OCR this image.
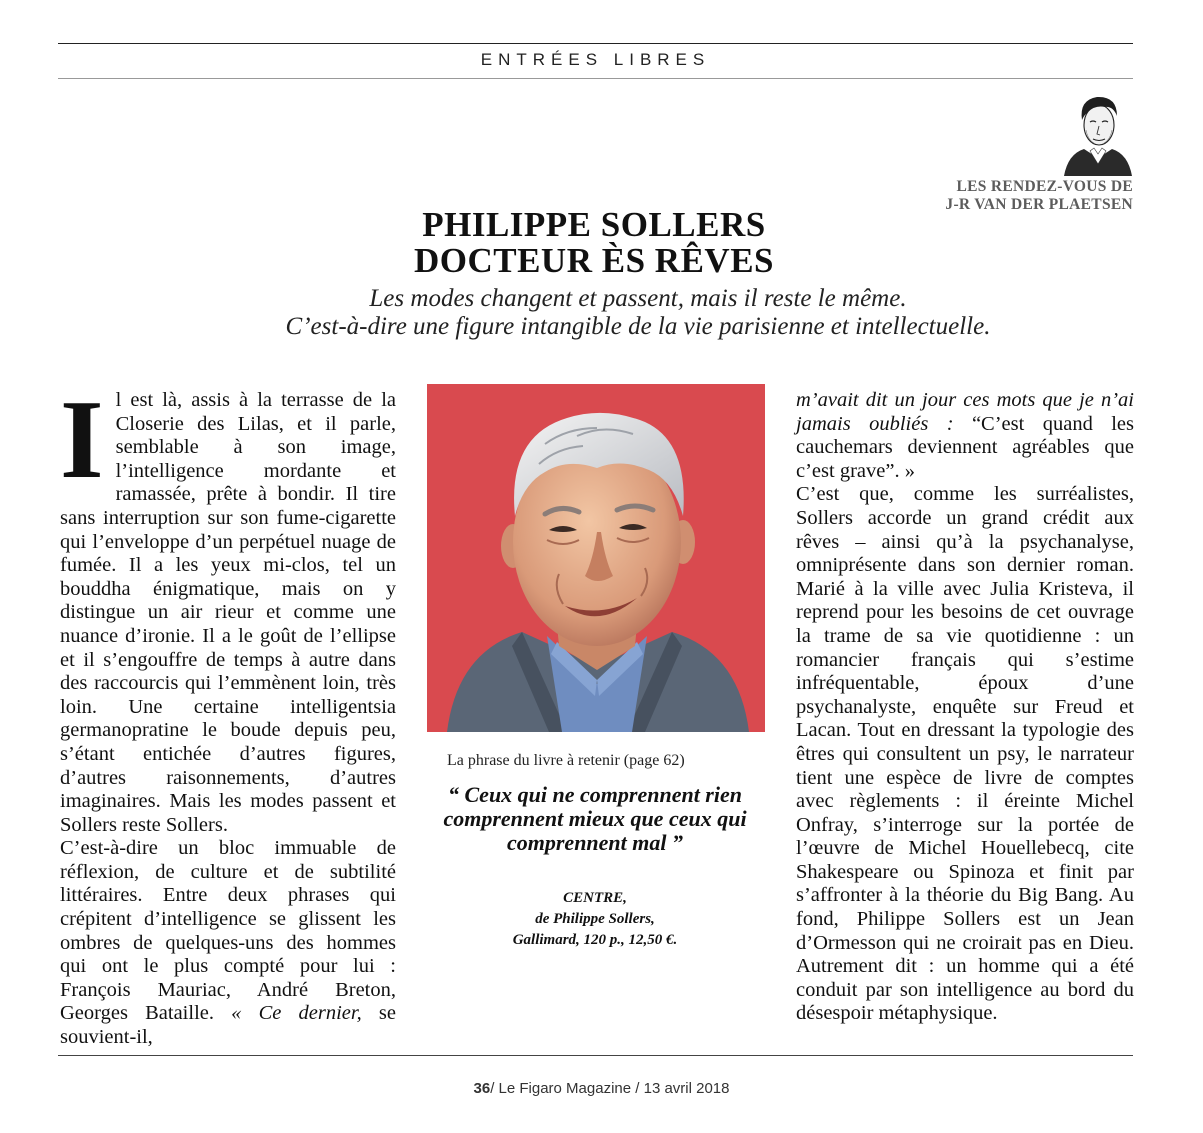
ENTRÉES LIBRES
LES RENDEZ-VOUS DE
J-R VAN DER PLAETSEN
PHILIPPE SOLLERS
DOCTEUR ÈS RÊVES
Les modes changent et passent, mais il reste le même.
C’est-à-dire une figure intangible de la vie parisienne et intellectuelle.

Il est là, assis à la terrasse de la Closerie des Lilas, et il parle, semblable à son image, l’intelligence mordante et ramassée, prête à bondir. Il tire sans interruption sur son fume-cigarette qui l’enveloppe d’un perpétuel nuage de fumée. Il a les yeux mi-clos, tel un bouddha énigmatique, mais on y distingue un air rieur et comme une nuance d’ironie. Il a le goût de l’ellipse et il s’engouffre de temps à autre dans des raccourcis qui l’emmènent loin, très loin. Une certaine intelligentsia germanopratine le boude depuis peu, s’étant entichée d’autres figures, d’autres raisonnements, d’autres imaginaires. Mais les modes passent et Sollers reste Sollers.

C’est-à-dire un bloc immuable de réflexion, de culture et de subtilité littéraires. Entre deux phrases qui crépitent d’intelligence se glissent les ombres de quelques-uns des hommes qui ont le plus compté pour lui : François Mauriac, André Breton, Georges Bataille. « Ce dernier, se souvient-il,

La phrase du livre à retenir (page 62)
“ Ceux qui ne comprennent rien comprennent mieux que ceux qui comprennent mal ”
CENTRE,
de Philippe Sollers,
Gallimard, 120 p., 12,50 €.

m’avait dit un jour ces mots que je n’ai jamais oubliés : “C’est quand les cauchemars deviennent agréables que c’est grave”. »

C’est que, comme les surréalistes, Sollers accorde un grand crédit aux rêves – ainsi qu’à la psychanalyse, omniprésente dans son dernier roman. Marié à la ville avec Julia Kristeva, il reprend pour les besoins de cet ouvrage la trame de sa vie quotidienne : un romancier français qui s’estime infréquentable, époux d’une psychanalyste, enquête sur Freud et Lacan. Tout en dressant la typologie des êtres qui consultent un psy, le narrateur tient une espèce de livre de comptes avec règlements : il éreinte Michel Onfray, s’interroge sur la portée de l’œuvre de Michel Houellebecq, cite Shakespeare ou Spinoza et finit par s’affronter à la théorie du Big Bang. Au fond, Philippe Sollers est un Jean d’Ormesson qui ne croirait pas en Dieu. Autrement dit : un homme qui a été conduit par son intelligence au bord du désespoir métaphysique.

36/ Le Figaro Magazine / 13 avril 2018
